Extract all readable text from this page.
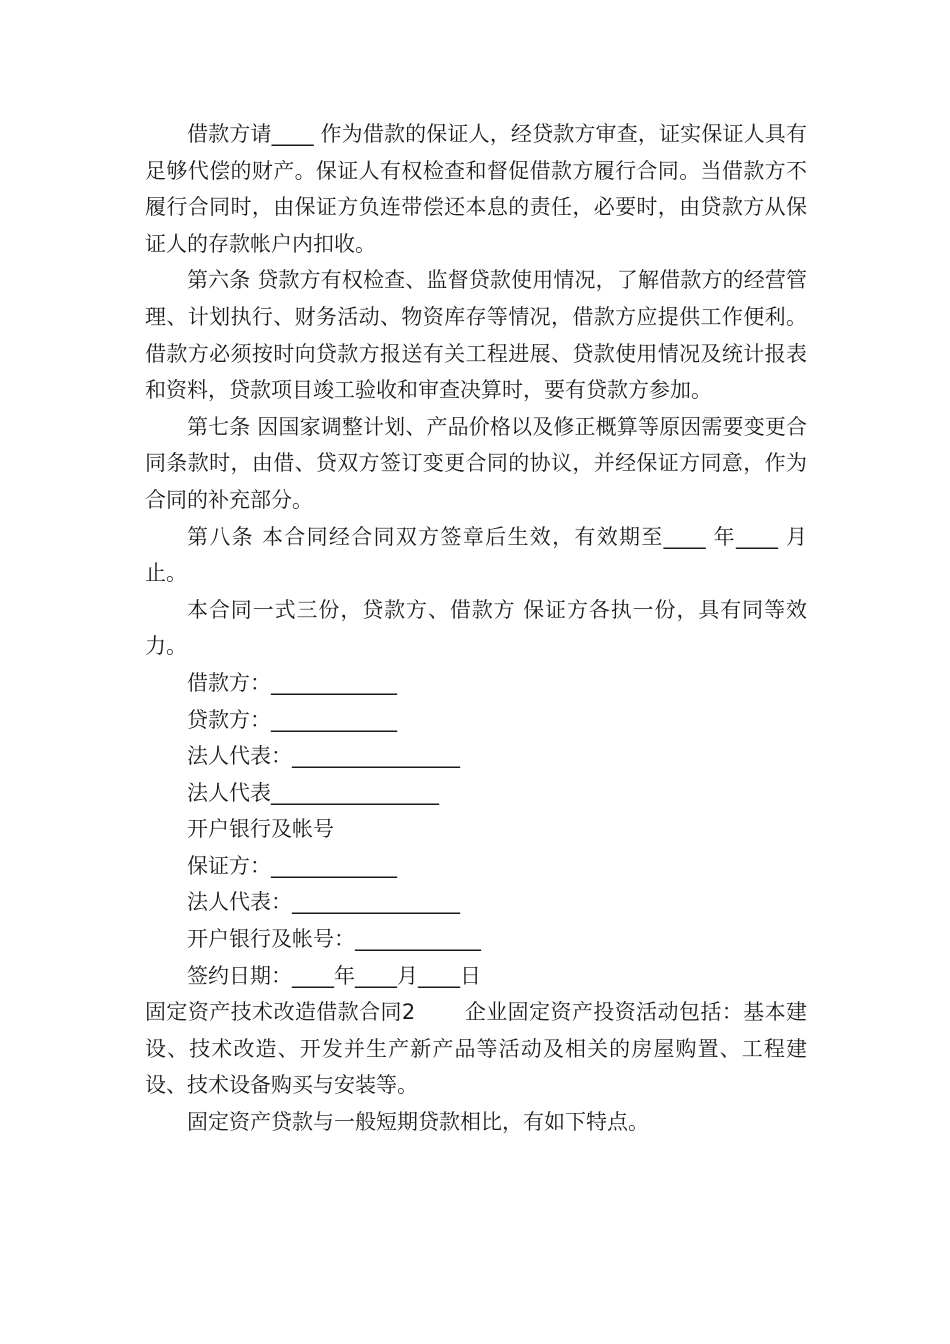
借款方请____ 作为借款的保证人，经贷款方审查，证实保证人具有足够代偿的财产。保证人有权检查和督促借款方履行合同。当借款方不履行合同时，由保证方负连带偿还本息的责任，必要时，由贷款方从保证人的存款帐户内扣收。

第六条 贷款方有权检查、监督贷款使用情况，了解借款方的经营管理、计划执行、财务活动、物资库存等情况，借款方应提供工作便利。借款方必须按时向贷款方报送有关工程进展、贷款使用情况及统计报表和资料，贷款项目竣工验收和审查决算时，要有贷款方参加。

第七条 因国家调整计划、产品价格以及修正概算等原因需要变更合同条款时，由借、贷双方签订变更合同的协议，并经保证方同意，作为合同的补充部分。

第八条 本合同经合同双方签章后生效，有效期至____ 年____ 月止。

本合同一式三份，贷款方、借款方 保证方各执一份，具有同等效力。

借款方：____________

贷款方：____________

法人代表：________________

法人代表________________

开户银行及帐号

保证方：____________

法人代表：________________

开户银行及帐号：____________

签约日期：____年____月____日

固定资产技术改造借款合同2       企业固定资产投资活动包括：基本建设、技术改造、开发并生产新产品等活动及相关的房屋购置、工程建设、技术设备购买与安装等。

固定资产贷款与一般短期贷款相比，有如下特点。
